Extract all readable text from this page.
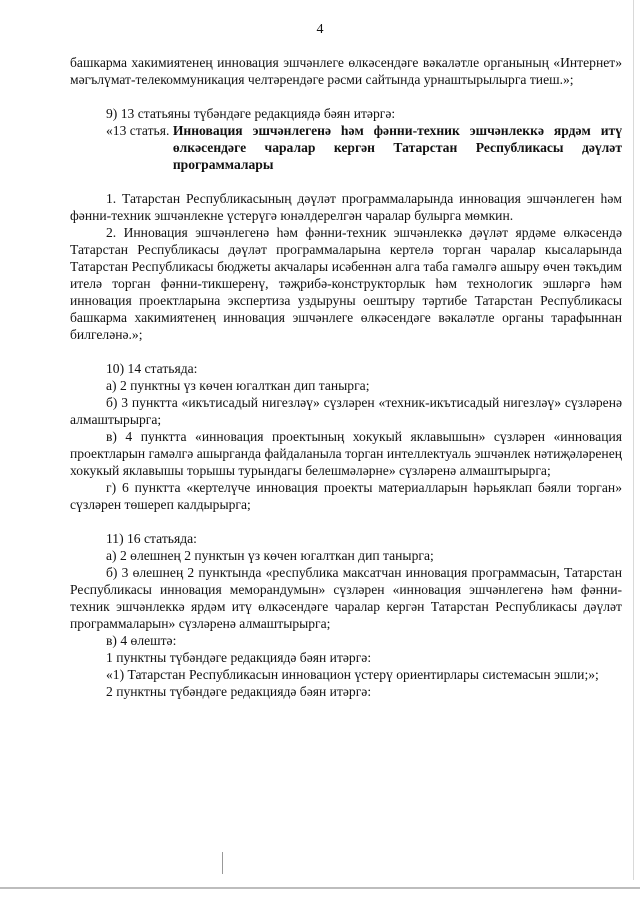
4

башкарма хакимиятенең инновация эшчәнлеге өлкәсендәге вәкаләтле органының «Интернет» мәгълүмат-телекоммуникация челтәрендәге рәсми сайтында урнаштырылырга тиеш.»;

9) 13 статьяны түбәндәге редакциядә бәян итәргә:

«13 статья. Инновация эшчәнлегенә һәм фәнни-техник эшчәнлеккә ярдәм итү өлкәсендәге чаралар кергән Татарстан Республикасы дәүләт программалары

1. Татарстан Республикасының дәүләт программаларында инновация эшчәнлеген һәм фәнни-техник эшчәнлекне үстерүгә юнәлдерелгән чаралар булырга мөмкин.

2. Инновация эшчәнлегенә һәм фәнни-техник эшчәнлеккә дәүләт ярдәме өлкәсендә Татарстан Республикасы дәүләт программаларына кертелә торган чаралар кысаларында Татарстан Республикасы бюджеты акчалары исәбеннән алга таба гамәлгә ашыру өчен тәкъдим ителә торган фәнни-тикшеренү, тәҗрибә-конструкторлык һәм технологик эшләргә һәм инновация проектларына экспертиза уздыруны оештыру тәртибе Татарстан Республикасы башкарма хакимиятенең инновация эшчәнлеге өлкәсендәге вәкаләтле органы тарафыннан билгеләнә.»;

10) 14 статьяда:

а) 2 пунктны үз көчен югалткан дип танырга;

б) 3 пунктта «икътисадый нигезләү» сүзләрен «техник-икътисадый нигезләү» сүзләренә алмаштырырга;

в) 4 пунктта «инновация проектының хокукый яклавышын» сүзләрен «инновация проектларын гамәлгә ашырганда файдаланыла торган интеллектуаль эшчәнлек нәтиҗәләренең хокукый яклавышы торышы турындагы белешмәләрне» сүзләренә алмаштырырга;

г) 6 пунктта «кертелүче инновация проекты материалларын һәрьяклап бәяли торган» сүзләрен төшереп калдырырга;

11) 16 статьяда:

а) 2 өлешнең 2 пунктын үз көчен югалткан дип танырга;

б) 3 өлешнең 2 пунктында «республика максатчан инновация программасын, Татарстан Республикасы инновация меморандумын» сүзләрен «инновация эшчәнлегенә һәм фәнни-техник эшчәнлеккә ярдәм итү өлкәсендәге чаралар кергән Татарстан Республикасы дәүләт программаларын» сүзләренә алмаштырырга;

в) 4 өлештә:

1 пунктны түбәндәге редакциядә бәян итәргә:

«1) Татарстан Республикасын инновацион үстерү ориентирлары системасын эшли;»;

2 пунктны түбәндәге редакциядә бәян итәргә:
